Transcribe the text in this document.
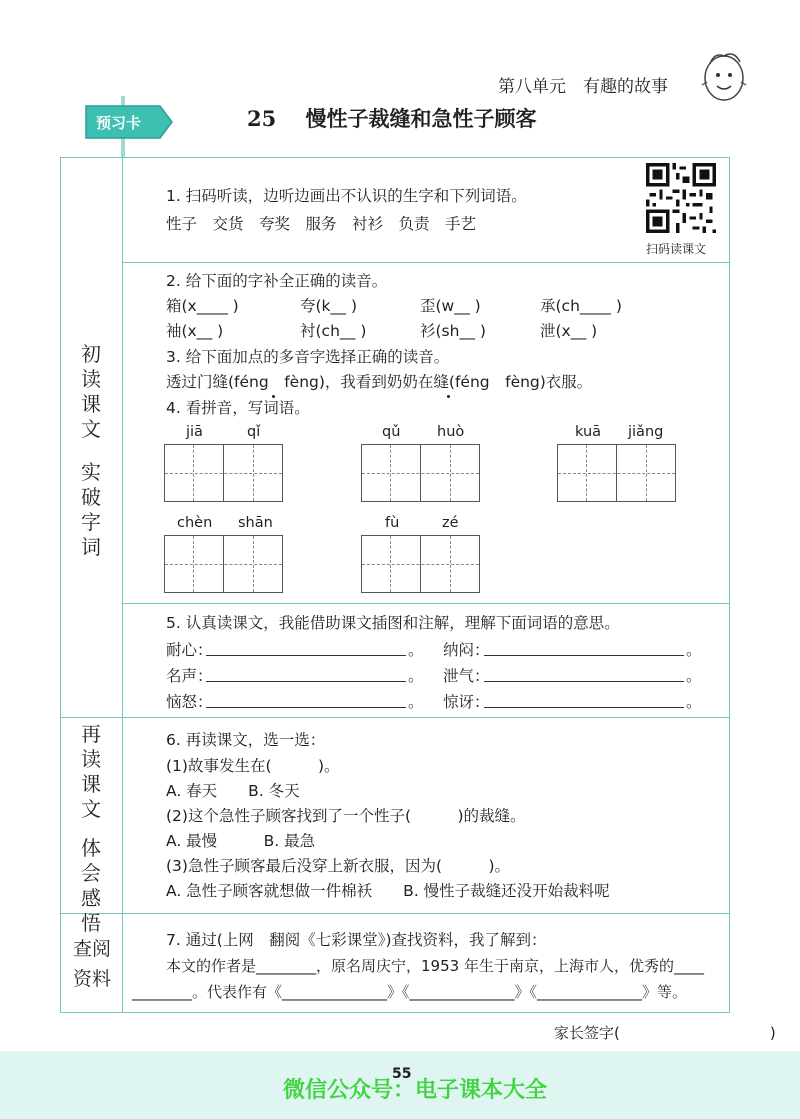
第八单元　有趣的故事
预习卡	25 慢性子裁缝和急性子顾客
初
读
课
文
实
破
字
词
再
读
课
文
体
会
感
悟
查阅
资料
1. 扫码听读，边听边画出不认识的生字和下列词语。
性子　交货　夸奖　服务　衬衫　负责　手艺
扫码读课文
2. 给下面的字补全正确的读音。
箱(x____ )	夸(k__ )	歪(w__ )	承(ch____ )
袖(x__ )	衬(ch__ )	衫(sh__ )	泄(x__ )
3. 给下面加点的多音字选择正确的读音。
透过门缝(féng　fèng)，我看到奶奶在缝(féng　fèng)衣服。
4. 看拼音，写词语。
jiā	qǐ	qǔ	huò	kuā jiǎng
chèn shān	fù	zé
5. 认真读课文，我能借助课文插图和注解，理解下面词语的意思。
耐心：	纳闷：
名声：	泄气：
恼怒：	惊讶：
。	。
。	。
。	。
6. 再读课文，选一选：
(1)故事发生在(　　　)。
A. 春天　　B. 冬天
(2)这个急性子顾客找到了一个性子(　　　)的裁缝。
A. 最慢　　　B. 最急
(3)急性子顾客最后没穿上新衣服，因为(　　　)。
A. 急性子顾客就想做一件棉袄　　B. 慢性子裁缝还没开始裁料呢
7. 通过(上网　翻阅《七彩课堂》)查找资料，我了解到：
本文的作者是________，原名周庆宁，1953 年生于南京，上海市人，优秀的____
________。代表作有《______________》《______________》《______________》等。
家长签字(　　　　　　　　　　)
微信公众号：电子课本大全
55
